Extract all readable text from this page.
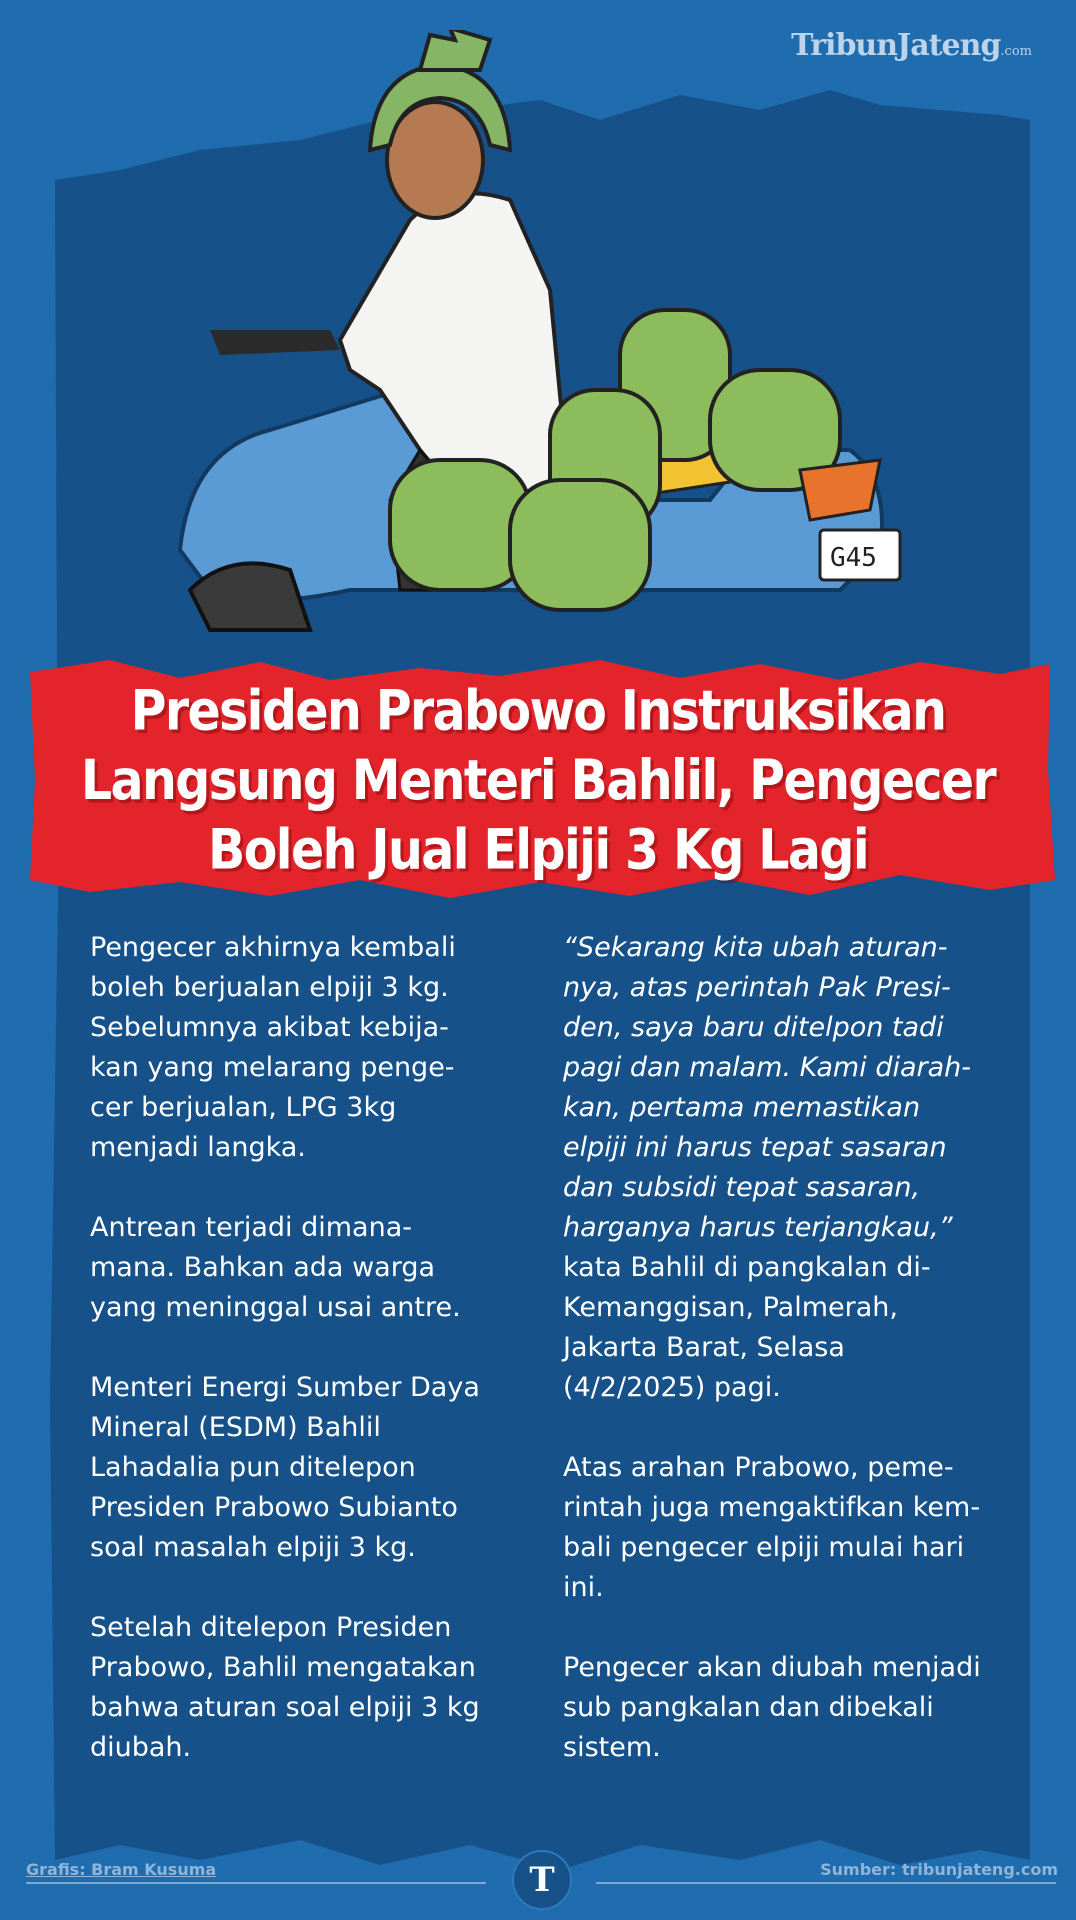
TribunJateng.com
G45
Presiden Prabowo Instruksikan
Langsung Menteri Bahlil, Pengecer
Boleh Jual Elpiji 3 Kg Lagi

Pengecer akhirnya kembali
boleh berjualan elpiji 3 kg.
Sebelumnya akibat kebija-
kan yang melarang penge-
cer berjualan, LPG 3kg
menjadi langka.

Antrean terjadi dimana-
mana. Bahkan ada warga
yang meninggal usai antre.

Menteri Energi Sumber Daya
Mineral (ESDM) Bahlil
Lahadalia pun ditelepon
Presiden Prabowo Subianto
soal masalah elpiji 3 kg.

Setelah ditelepon Presiden
Prabowo, Bahlil mengatakan
bahwa aturan soal elpiji 3 kg
diubah.

“Sekarang kita ubah aturan-
nya, atas perintah Pak Presi-
den, saya baru ditelpon tadi
pagi dan malam. Kami diarah-
kan, pertama memastikan
elpiji ini harus tepat sasaran
dan subsidi tepat sasaran,
harganya harus terjangkau,”

kata Bahlil di pangkalan di-
Kemanggisan, Palmerah,
Jakarta Barat, Selasa
(4/2/2025) pagi.

Atas arahan Prabowo, peme-
rintah juga mengaktifkan kem-
bali pengecer elpiji mulai hari
ini.

Pengecer akan diubah menjadi
sub pangkalan dan dibekali
sistem.

Grafis: Bram Kusuma	T	Sumber: tribunjateng.com
